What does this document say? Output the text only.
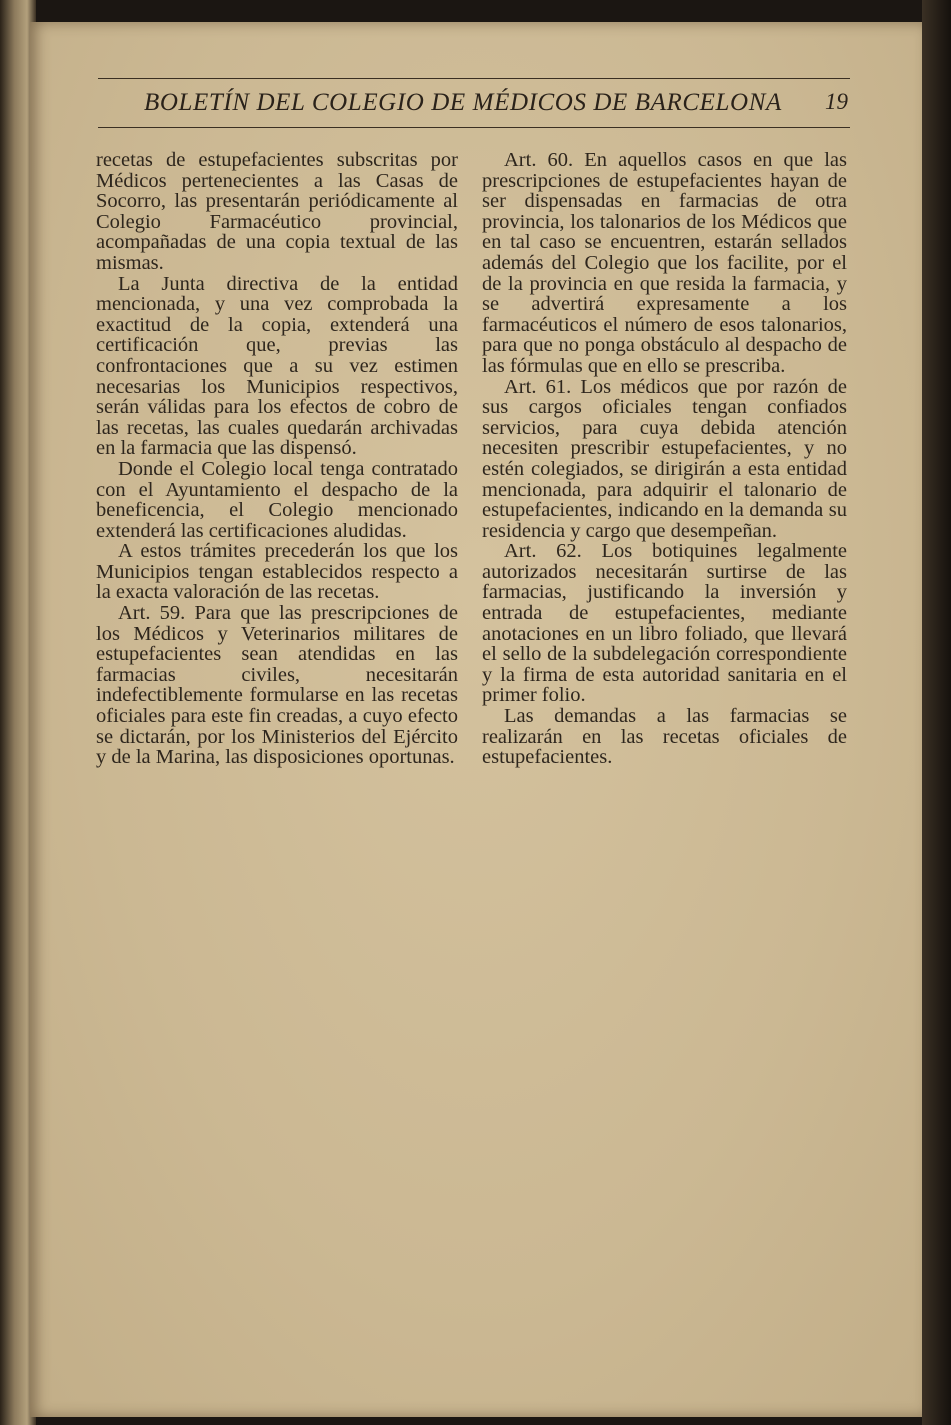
BOLETÍN DEL COLEGIO DE MÉDICOS DE BARCELONA 19

recetas de estupefacientes subscritas por Médicos pertenecientes a las Casas de Socorro, las presentarán periódicamente al Colegio Farmacéutico provincial, acompañadas de una copia textual de las mismas.

La Junta directiva de la entidad mencionada, y una vez comprobada la exactitud de la copia, extenderá una certificación que, previas las confrontaciones que a su vez estimen necesarias los Municipios respectivos, serán válidas para los efectos de cobro de las recetas, las cuales quedarán archivadas en la farmacia que las dispensó.

Donde el Colegio local tenga contratado con el Ayuntamiento el despacho de la beneficencia, el Colegio mencionado extenderá las certificaciones aludidas.

A estos trámites precederán los que los Municipios tengan establecidos respecto a la exacta valoración de las recetas.

Art. 59. Para que las prescripciones de los Médicos y Veterinarios militares de estupefacientes sean atendidas en las farmacias civiles, necesitarán indefectiblemente formularse en las recetas oficiales para este fin creadas, a cuyo efecto se dictarán, por los Ministerios del Ejército y de la Marina, las disposiciones oportunas.

Art. 60. En aquellos casos en que las prescripciones de estupefacientes hayan de ser dispensadas en farmacias de otra provincia, los talonarios de los Médicos que en tal caso se encuentren, estarán sellados además del Colegio que los facilite, por el de la provincia en que resida la farmacia, y se advertirá expresamente a los farmacéuticos el número de esos talonarios, para que no ponga obstáculo al despacho de las fórmulas que en ello se prescriba.

Art. 61. Los médicos que por razón de sus cargos oficiales tengan confiados servicios, para cuya debida atención necesiten prescribir estupefacientes, y no estén colegiados, se dirigirán a esta entidad mencionada, para adquirir el talonario de estupefacientes, indicando en la demanda su residencia y cargo que desempeñan.

Art. 62. Los botiquines legalmente autorizados necesitarán surtirse de las farmacias, justificando la inversión y entrada de estupefacientes, mediante anotaciones en un libro foliado, que llevará el sello de la subdelegación correspondiente y la firma de esta autoridad sanitaria en el primer folio.

Las demandas a las farmacias se realizarán en las recetas oficiales de estupefacientes.
